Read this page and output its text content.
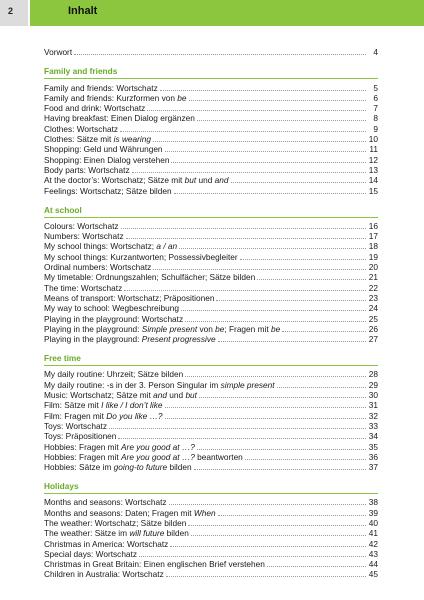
2	Inhalt
Vorwort	4
Family and friends
Family and friends: Wortschatz	5
Family and friends: Kurzformen von be	6
Food and drink: Wortschatz	7
Having breakfast: Einen Dialog ergänzen	8
Clothes: Wortschatz	9
Clothes: Sätze mit is wearing	10
Shopping: Geld und Währungen	11
Shopping: Einen Dialog verstehen	12
Body parts: Wortschatz	13
At the doctor’s: Wortschatz; Sätze mit but und and	14
Feelings: Wortschatz; Sätze bilden	15
At school
Colours: Wortschatz	16
Numbers: Wortschatz	17
My school things: Wortschatz; a / an	18
My school things: Kurzantworten; Possessivbegleiter	19
Ordinal numbers: Wortschatz	20
My timetable: Ordnungszahlen; Schulfächer; Sätze bilden	21
The time: Wortschatz	22
Means of transport: Wortschatz; Präpositionen	23
My way to school: Wegbeschreibung	24
Playing in the playground: Wortschatz	25
Playing in the playground: Simple present von be; Fragen mit be	26
Playing in the playground: Present progressive	27
Free time
My daily routine: Uhrzeit; Sätze bilden	28
My daily routine: -s in der 3. Person Singular im simple present	29
Music: Wortschatz; Sätze mit and und but	30
Film: Sätze mit I like / I don’t like	31
Film: Fragen mit Do you like …?	32
Toys: Wortschatz	33
Toys: Präpositionen	34
Hobbies: Fragen mit Are you good at …?	35
Hobbies: Fragen mit Are you good at …? beantworten	36
Hobbies: Sätze im going-to future bilden	37
Holidays
Months and seasons: Wortschatz	38
Months and seasons: Daten; Fragen mit When	39
The weather: Wortschatz; Sätze bilden	40
The weather: Sätze im will future bilden	41
Christmas in America: Wortschatz	42
Special days: Wortschatz	43
Christmas in Great Britain: Einen englischen Brief verstehen	44
Children in Australia: Wortschatz	45
